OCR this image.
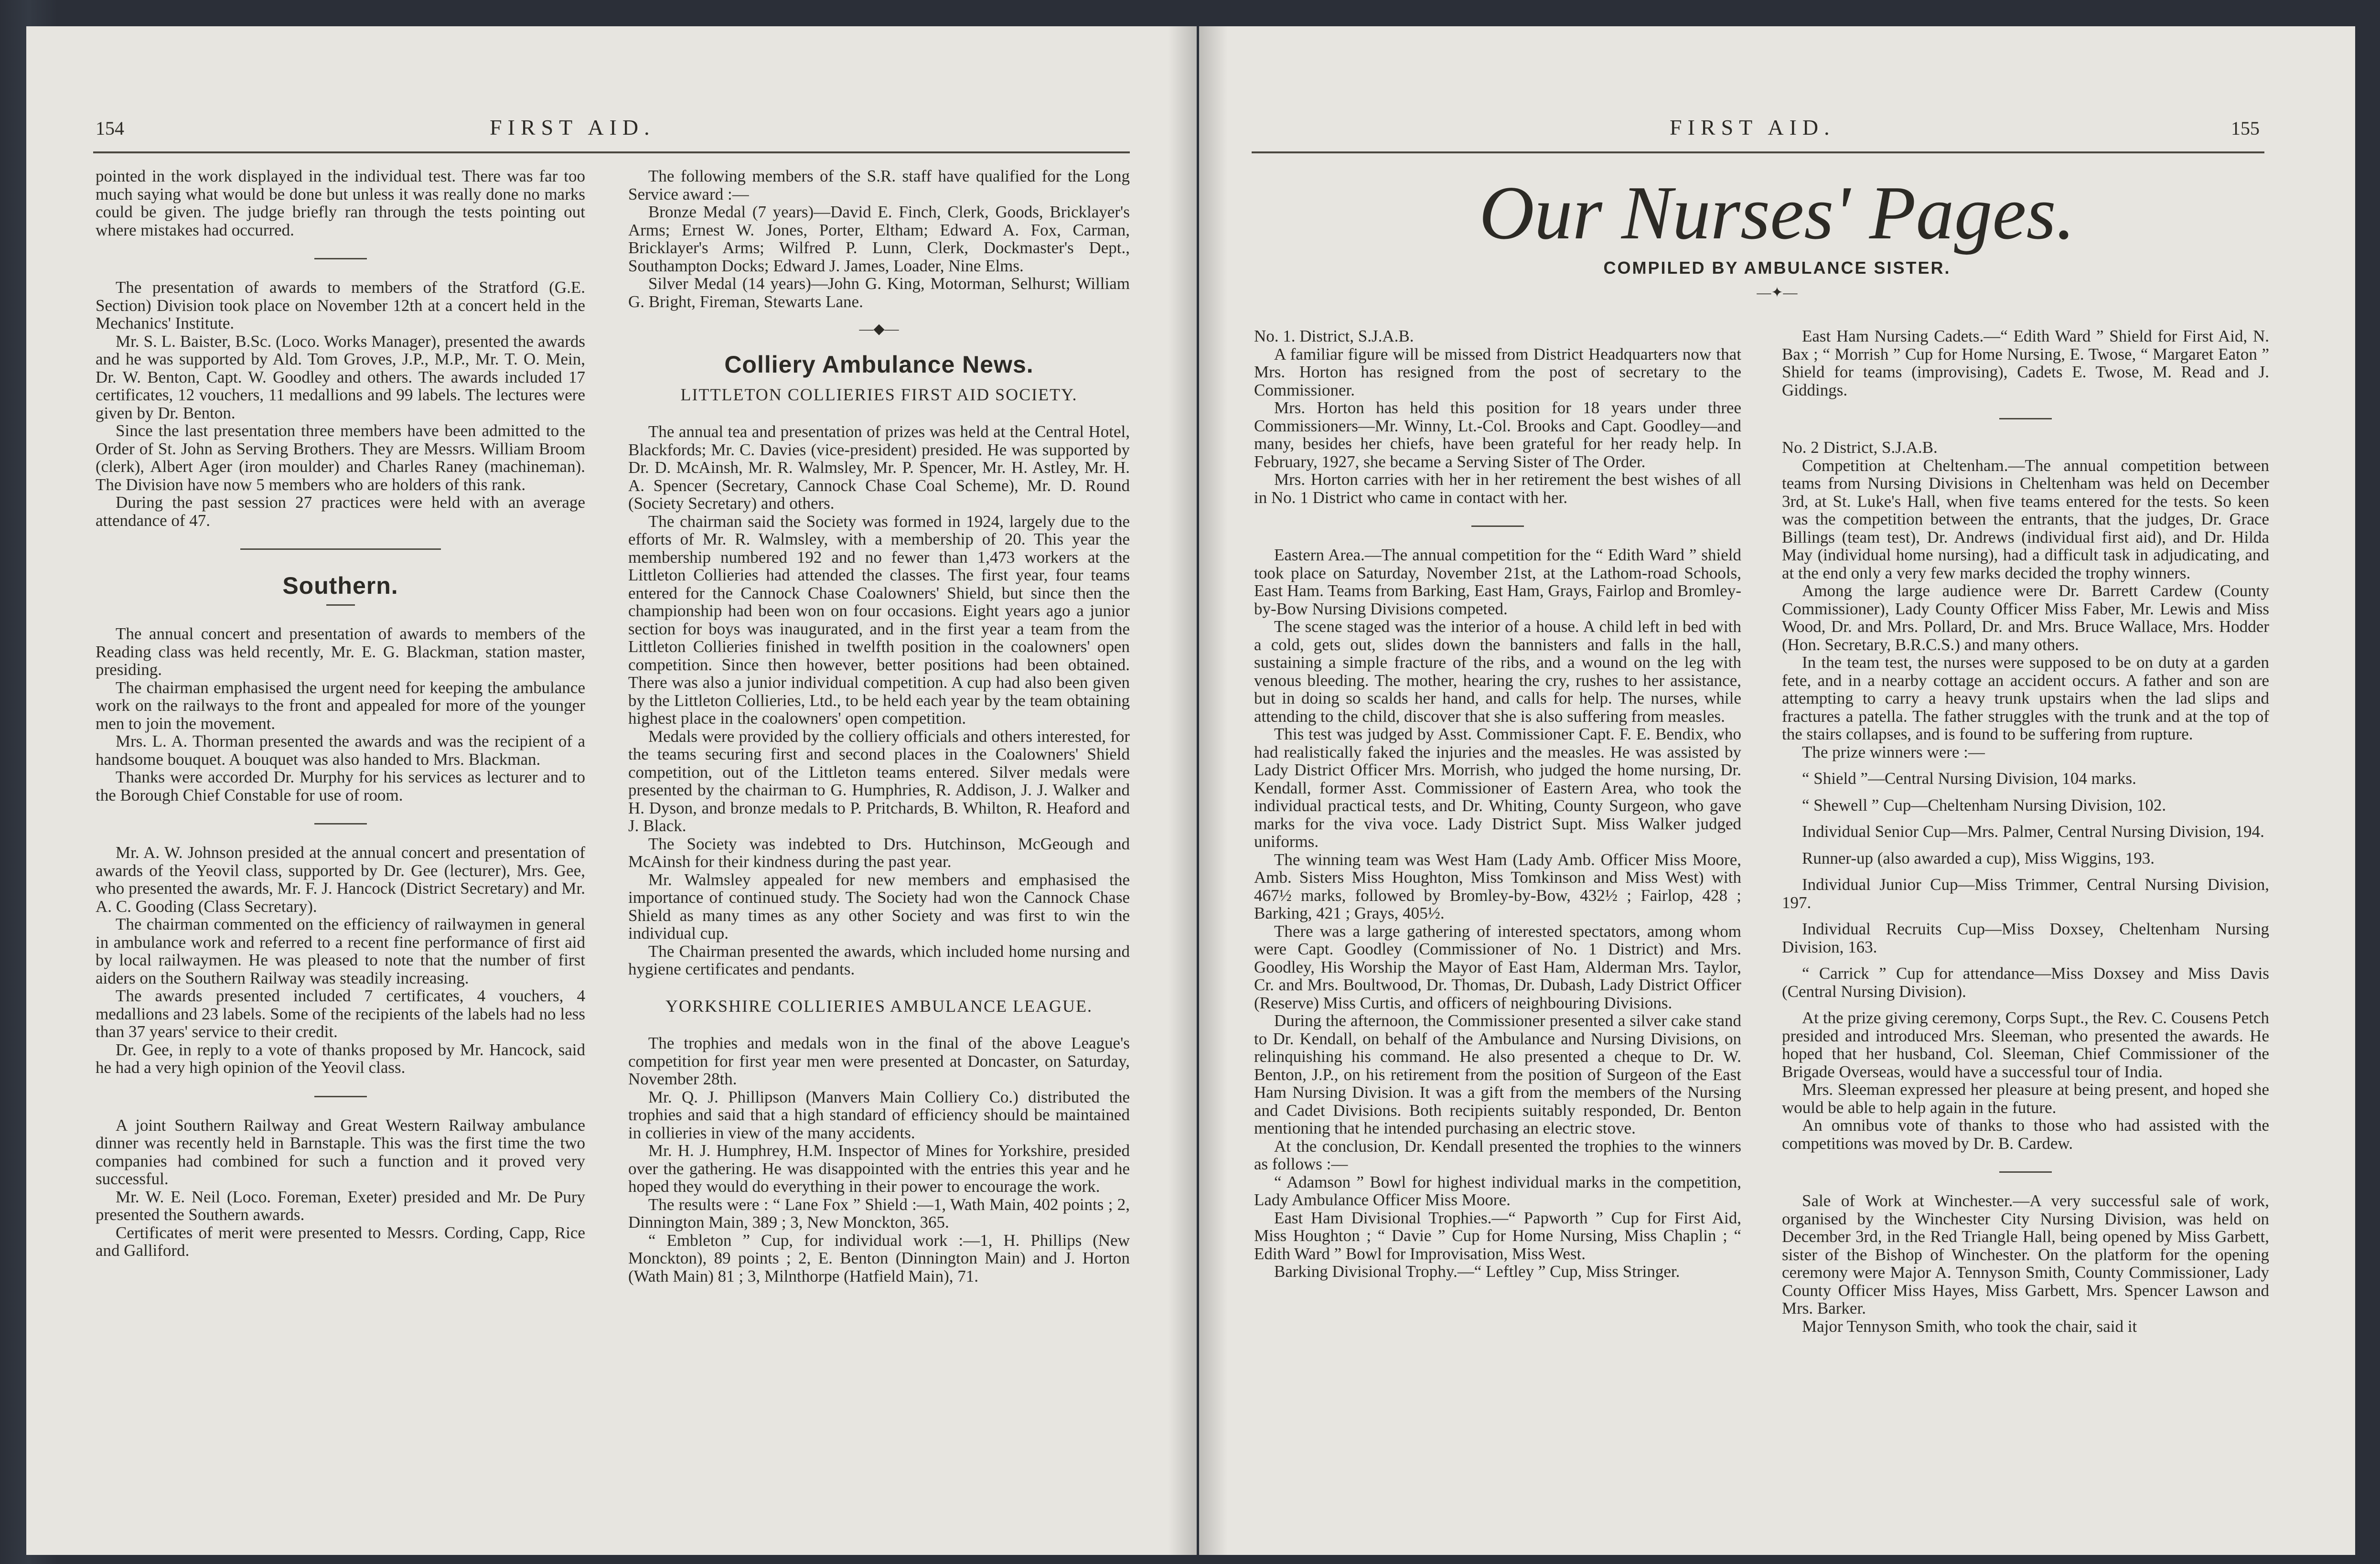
154	FIRST AID.

pointed in the work displayed in the individual test. There was far too much saying what would be done but unless it was really done no marks could be given. The judge briefly ran through the tests pointing out where mistakes had occurred.

The presentation of awards to members of the Stratford (G.E. Section) Division took place on November 12th at a concert held in the Mechanics' Institute.

Mr. S. L. Baister, B.Sc. (Loco. Works Manager), presented the awards and he was supported by Ald. Tom Groves, J.P., M.P., Mr. T. O. Mein, Dr. W. Benton, Capt. W. Goodley and others. The awards included 17 certificates, 12 vouchers, 11 medallions and 99 labels. The lectures were given by Dr. Benton.

Since the last presentation three members have been admitted to the Order of St. John as Serving Brothers. They are Messrs. William Broom (clerk), Albert Ager (iron moulder) and Charles Raney (machineman). The Division have now 5 members who are holders of this rank.

During the past session 27 practices were held with an average attendance of 47.

Southern.

The annual concert and presentation of awards to members of the Reading class was held recently, Mr. E. G. Blackman, station master, presiding.

The chairman emphasised the urgent need for keeping the ambulance work on the railways to the front and appealed for more of the younger men to join the movement.

Mrs. L. A. Thorman presented the awards and was the recipient of a handsome bouquet. A bouquet was also handed to Mrs. Blackman.

Thanks were accorded Dr. Murphy for his services as lecturer and to the Borough Chief Constable for use of room.

Mr. A. W. Johnson presided at the annual concert and presentation of awards of the Yeovil class, supported by Dr. Gee (lecturer), Mrs. Gee, who presented the awards, Mr. F. J. Hancock (District Secretary) and Mr. A. C. Gooding (Class Secretary).

The chairman commented on the efficiency of railwaymen in general in ambulance work and referred to a recent fine performance of first aid by local railwaymen. He was pleased to note that the number of first aiders on the Southern Railway was steadily increasing.

The awards presented included 7 certificates, 4 vouchers, 4 medallions and 23 labels. Some of the recipients of the labels had no less than 37 years' service to their credit.

Dr. Gee, in reply to a vote of thanks proposed by Mr. Hancock, said he had a very high opinion of the Yeovil class.

A joint Southern Railway and Great Western Railway ambulance dinner was recently held in Barnstaple. This was the first time the two companies had combined for such a function and it proved very successful.

Mr. W. E. Neil (Loco. Foreman, Exeter) presided and Mr. De Pury presented the Southern awards.

Certificates of merit were presented to Messrs. Cording, Capp, Rice and Galliford.

The following members of the S.R. staff have qualified for the Long Service award :—

Bronze Medal (7 years)—David E. Finch, Clerk, Goods, Bricklayer's Arms; Ernest W. Jones, Porter, Eltham; Edward A. Fox, Carman, Bricklayer's Arms; Wilfred P. Lunn, Clerk, Dockmaster's Dept., Southampton Docks; Edward J. James, Loader, Nine Elms.

Silver Medal (14 years)—John G. King, Motorman, Selhurst; William G. Bright, Fireman, Stewarts Lane.

—◆—
Colliery Ambulance News.
LITTLETON COLLIERIES FIRST AID SOCIETY.

The annual tea and presentation of prizes was held at the Central Hotel, Blackfords; Mr. C. Davies (vice-president) presided. He was supported by Dr. D. McAinsh, Mr. R. Walmsley, Mr. P. Spencer, Mr. H. Astley, Mr. H. A. Spencer (Secretary, Cannock Chase Coal Scheme), Mr. D. Round (Society Secretary) and others.

The chairman said the Society was formed in 1924, largely due to the efforts of Mr. R. Walmsley, with a membership of 20. This year the membership numbered 192 and no fewer than 1,473 workers at the Littleton Collieries had attended the classes. The first year, four teams entered for the Cannock Chase Coalowners' Shield, but since then the championship had been won on four occasions. Eight years ago a junior section for boys was inaugurated, and in the first year a team from the Littleton Collieries finished in twelfth position in the coalowners' open competition. Since then however, better positions had been obtained. There was also a junior individual competition. A cup had also been given by the Littleton Collieries, Ltd., to be held each year by the team obtaining highest place in the coalowners' open competition.

Medals were provided by the colliery officials and others interested, for the teams securing first and second places in the Coalowners' Shield competition, out of the Littleton teams entered. Silver medals were presented by the chairman to G. Humphries, R. Addison, J. J. Walker and H. Dyson, and bronze medals to P. Pritchards, B. Whilton, R. Heaford and J. Black.

The Society was indebted to Drs. Hutchinson, McGeough and McAinsh for their kindness during the past year.

Mr. Walmsley appealed for new members and emphasised the importance of continued study. The Society had won the Cannock Chase Shield as many times as any other Society and was first to win the individual cup.

The Chairman presented the awards, which included home nursing and hygiene certificates and pendants.

YORKSHIRE COLLIERIES AMBULANCE LEAGUE.

The trophies and medals won in the final of the above League's competition for first year men were presented at Doncaster, on Saturday, November 28th.

Mr. Q. J. Phillipson (Manvers Main Colliery Co.) distributed the trophies and said that a high standard of efficiency should be maintained in collieries in view of the many accidents.

Mr. H. J. Humphrey, H.M. Inspector of Mines for Yorkshire, presided over the gathering. He was disappointed with the entries this year and he hoped they would do everything in their power to encourage the work.

The results were : “ Lane Fox ” Shield :—1, Wath Main, 402 points ; 2, Dinnington Main, 389 ; 3, New Monckton, 365.

“ Embleton ” Cup, for individual work :—1, H. Phillips (New Monckton), 89 points ; 2, E. Benton (Dinnington Main) and J. Horton (Wath Main) 81 ; 3, Milnthorpe (Hatfield Main), 71.

FIRST AID.	155
Our Nurses' Pages.
COMPILED BY AMBULANCE SISTER.
—✦—

No. 1. District, S.J.A.B.

A familiar figure will be missed from District Headquarters now that Mrs. Horton has resigned from the post of secretary to the Commissioner.

Mrs. Horton has held this position for 18 years under three Commissioners—Mr. Winny, Lt.-Col. Brooks and Capt. Goodley—and many, besides her chiefs, have been grateful for her ready help. In February, 1927, she became a Serving Sister of The Order.

Mrs. Horton carries with her in her retirement the best wishes of all in No. 1 District who came in contact with her.

Eastern Area.—The annual competition for the “ Edith Ward ” shield took place on Saturday, November 21st, at the Lathom-road Schools, East Ham. Teams from Barking, East Ham, Grays, Fairlop and Bromley-by-Bow Nursing Divisions competed.

The scene staged was the interior of a house. A child left in bed with a cold, gets out, slides down the bannisters and falls in the hall, sustaining a simple fracture of the ribs, and a wound on the leg with venous bleeding. The mother, hearing the cry, rushes to her assistance, but in doing so scalds her hand, and calls for help. The nurses, while attending to the child, discover that she is also suffering from measles.

This test was judged by Asst. Commissioner Capt. F. E. Bendix, who had realistically faked the injuries and the measles. He was assisted by Lady District Officer Mrs. Morrish, who judged the home nursing, Dr. Kendall, former Asst. Commissioner of Eastern Area, who took the individual practical tests, and Dr. Whiting, County Surgeon, who gave marks for the viva voce. Lady District Supt. Miss Walker judged uniforms.

The winning team was West Ham (Lady Amb. Officer Miss Moore, Amb. Sisters Miss Houghton, Miss Tomkinson and Miss West) with 467½ marks, followed by Bromley-by-Bow, 432½ ; Fairlop, 428 ; Barking, 421 ; Grays, 405½.

There was a large gathering of interested spectators, among whom were Capt. Goodley (Commissioner of No. 1 District) and Mrs. Goodley, His Worship the Mayor of East Ham, Alderman Mrs. Taylor, Cr. and Mrs. Boultwood, Dr. Thomas, Dr. Dubash, Lady District Officer (Reserve) Miss Curtis, and officers of neighbouring Divisions.

During the afternoon, the Commissioner presented a silver cake stand to Dr. Kendall, on behalf of the Ambulance and Nursing Divisions, on relinquishing his command. He also presented a cheque to Dr. W. Benton, J.P., on his retirement from the position of Surgeon of the East Ham Nursing Division. It was a gift from the members of the Nursing and Cadet Divisions. Both recipients suitably responded, Dr. Benton mentioning that he intended purchasing an electric stove.

At the conclusion, Dr. Kendall presented the trophies to the winners as follows :—

“ Adamson ” Bowl for highest individual marks in the competition, Lady Ambulance Officer Miss Moore.

East Ham Divisional Trophies.—“ Papworth ” Cup for First Aid, Miss Houghton ; “ Davie ” Cup for Home Nursing, Miss Chaplin ; “ Edith Ward ” Bowl for Improvisation, Miss West.

Barking Divisional Trophy.—“ Leftley ” Cup, Miss Stringer.

East Ham Nursing Cadets.—“ Edith Ward ” Shield for First Aid, N. Bax ; “ Morrish ” Cup for Home Nursing, E. Twose, “ Margaret Eaton ” Shield for teams (improvising), Cadets E. Twose, M. Read and J. Giddings.

No. 2 District, S.J.A.B.

Competition at Cheltenham.—The annual competition between teams from Nursing Divisions in Cheltenham was held on December 3rd, at St. Luke's Hall, when five teams entered for the tests. So keen was the competition between the entrants, that the judges, Dr. Grace Billings (team test), Dr. Andrews (individual first aid), and Dr. Hilda May (individual home nursing), had a difficult task in adjudicating, and at the end only a very few marks decided the trophy winners.

Among the large audience were Dr. Barrett Cardew (County Commissioner), Lady County Officer Miss Faber, Mr. Lewis and Miss Wood, Dr. and Mrs. Pollard, Dr. and Mrs. Bruce Wallace, Mrs. Hodder (Hon. Secretary, B.R.C.S.) and many others.

In the team test, the nurses were supposed to be on duty at a garden fete, and in a nearby cottage an accident occurs. A father and son are attempting to carry a heavy trunk upstairs when the lad slips and fractures a patella. The father struggles with the trunk and at the top of the stairs collapses, and is found to be suffering from rupture.

The prize winners were :—

“ Shield ”—Central Nursing Division, 104 marks.

“ Shewell ” Cup—Cheltenham Nursing Division, 102.

Individual Senior Cup—Mrs. Palmer, Central Nursing Division, 194.

Runner-up (also awarded a cup), Miss Wiggins, 193.

Individual Junior Cup—Miss Trimmer, Central Nursing Division, 197.

Individual Recruits Cup—Miss Doxsey, Cheltenham Nursing Division, 163.

“ Carrick ” Cup for attendance—Miss Doxsey and Miss Davis (Central Nursing Division).

At the prize giving ceremony, Corps Supt., the Rev. C. Cousens Petch presided and introduced Mrs. Sleeman, who presented the awards. He hoped that her husband, Col. Sleeman, Chief Commissioner of the Brigade Overseas, would have a successful tour of India.

Mrs. Sleeman expressed her pleasure at being present, and hoped she would be able to help again in the future.

An omnibus vote of thanks to those who had assisted with the competitions was moved by Dr. B. Cardew.

Sale of Work at Winchester.—A very successful sale of work, organised by the Winchester City Nursing Division, was held on December 3rd, in the Red Triangle Hall, being opened by Miss Garbett, sister of the Bishop of Winchester. On the platform for the opening ceremony were Major A. Tennyson Smith, County Commissioner, Lady County Officer Miss Hayes, Miss Garbett, Mrs. Spencer Lawson and Mrs. Barker.

Major Tennyson Smith, who took the chair, said it
